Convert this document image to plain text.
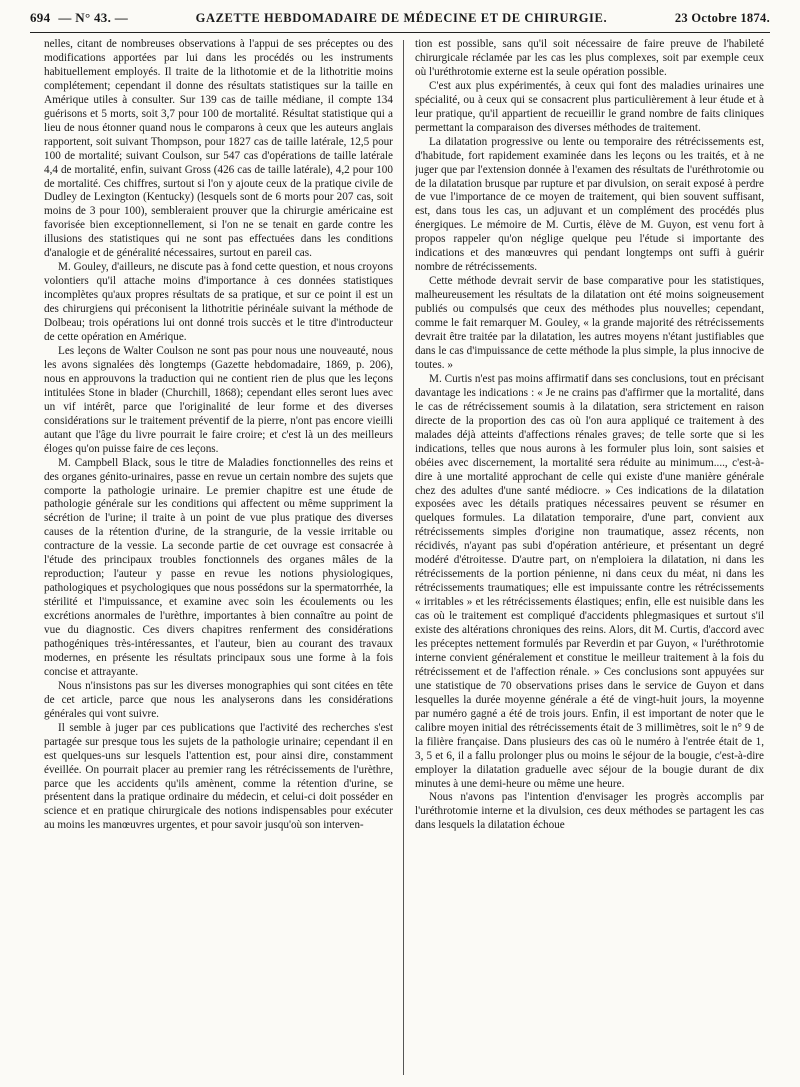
694 — N° 43. —	GAZETTE HEBDOMADAIRE DE MÉDECINE ET DE CHIRURGIE.	23 Octobre 1874.

nelles, citant de nombreuses observations à l'appui de ses préceptes ou des modifications apportées par lui dans les procédés ou les instruments habituellement employés. Il traite de la lithotomie et de la lithotritie moins complétement; cependant il donne des résultats statistiques sur la taille en Amérique utiles à consulter. Sur 139 cas de taille médiane, il compte 134 guérisons et 5 morts, soit 3,7 pour 100 de mortalité. Résultat statistique qui a lieu de nous étonner quand nous le comparons à ceux que les auteurs anglais rapportent, soit suivant Thompson, pour 1827 cas de taille latérale, 12,5 pour 100 de mortalité; suivant Coulson, sur 547 cas d'opérations de taille latérale 4,4 de mortalité, enfin, suivant Gross (426 cas de taille latérale), 4,2 pour 100 de mortalité. Ces chiffres, surtout si l'on y ajoute ceux de la pratique civile de Dudley de Lexington (Kentucky) (lesquels sont de 6 morts pour 207 cas, soit moins de 3 pour 100), sembleraient prouver que la chirurgie américaine est favorisée bien exceptionnellement, si l'on ne se tenait en garde contre les illusions des statistiques qui ne sont pas effectuées dans les conditions d'analogie et de généralité nécessaires, surtout en pareil cas.

M. Gouley, d'ailleurs, ne discute pas à fond cette question, et nous croyons volontiers qu'il attache moins d'importance à ces données statistiques incomplètes qu'aux propres résultats de sa pratique, et sur ce point il est un des chirurgiens qui préconisent la lithotritie périnéale suivant la méthode de Dolbeau; trois opérations lui ont donné trois succès et le titre d'introducteur de cette opération en Amérique.

Les leçons de Walter Coulson ne sont pas pour nous une nouveauté, nous les avons signalées dès longtemps (Gazette hebdomadaire, 1869, p. 206), nous en approuvons la traduction qui ne contient rien de plus que les leçons intitulées Stone in blader (Churchill, 1868); cependant elles seront lues avec un vif intérêt, parce que l'originalité de leur forme et des diverses considérations sur le traitement préventif de la pierre, n'ont pas encore vieilli autant que l'âge du livre pourrait le faire croire; et c'est là un des meilleurs éloges qu'on puisse faire de ces leçons.

M. Campbell Black, sous le titre de Maladies fonctionnelles des reins et des organes génito-urinaires, passe en revue un certain nombre des sujets que comporte la pathologie urinaire. Le premier chapitre est une étude de pathologie générale sur les conditions qui affectent ou même suppriment la sécrétion de l'urine; il traite à un point de vue plus pratique des diverses causes de la rétention d'urine, de la strangurie, de la vessie irritable ou contracture de la vessie. La seconde partie de cet ouvrage est consacrée à l'étude des principaux troubles fonctionnels des organes mâles de la reproduction; l'auteur y passe en revue les notions physiologiques, pathologiques et psychologiques que nous possédons sur la spermatorrhée, la stérilité et l'impuissance, et examine avec soin les écoulements ou les excrétions anormales de l'urèthre, importantes à bien connaître au point de vue du diagnostic. Ces divers chapitres renferment des considérations pathogéniques très-intéressantes, et l'auteur, bien au courant des travaux modernes, en présente les résultats principaux sous une forme à la fois concise et attrayante.

Nous n'insistons pas sur les diverses monographies qui sont citées en tête de cet article, parce que nous les analyserons dans les considérations générales qui vont suivre.

Il semble à juger par ces publications que l'activité des recherches s'est partagée sur presque tous les sujets de la pathologie urinaire; cependant il en est quelques-uns sur lesquels l'attention est, pour ainsi dire, constamment éveillée. On pourrait placer au premier rang les rétrécissements de l'urèthre, parce que les accidents qu'ils amènent, comme la rétention d'urine, se présentent dans la pratique ordinaire du médecin, et celui-ci doit posséder en science et en pratique chirurgicale des notions indispensables pour exécuter au moins les manœuvres urgentes, et pour savoir jusqu'où son interven-

tion est possible, sans qu'il soit nécessaire de faire preuve de l'habileté chirurgicale réclamée par les cas les plus complexes, soit par exemple ceux où l'uréthrotomie externe est la seule opération possible.

C'est aux plus expérimentés, à ceux qui font des maladies urinaires une spécialité, ou à ceux qui se consacrent plus particulièrement à leur étude et à leur pratique, qu'il appartient de recueillir le grand nombre de faits cliniques permettant la comparaison des diverses méthodes de traitement.

La dilatation progressive ou lente ou temporaire des rétrécissements est, d'habitude, fort rapidement examinée dans les leçons ou les traités, et à ne juger que par l'extension donnée à l'examen des résultats de l'uréthrotomie ou de la dilatation brusque par rupture et par divulsion, on serait exposé à perdre de vue l'importance de ce moyen de traitement, qui bien souvent suffisant, est, dans tous les cas, un adjuvant et un complément des procédés plus énergiques. Le mémoire de M. Curtis, élève de M. Guyon, est venu fort à propos rappeler qu'on néglige quelque peu l'étude si importante des indications et des manœuvres qui pendant longtemps ont suffi à guérir nombre de rétrécissements.

Cette méthode devrait servir de base comparative pour les statistiques, malheureusement les résultats de la dilatation ont été moins soigneusement publiés ou compulsés que ceux des méthodes plus nouvelles; cependant, comme le fait remarquer M. Gouley, « la grande majorité des rétrécissements devrait être traitée par la dilatation, les autres moyens n'étant justifiables que dans le cas d'impuissance de cette méthode la plus simple, la plus innocive de toutes. »

M. Curtis n'est pas moins affirmatif dans ses conclusions, tout en précisant davantage les indications : « Je ne crains pas d'affirmer que la mortalité, dans le cas de rétrécissement soumis à la dilatation, sera strictement en raison directe de la proportion des cas où l'on aura appliqué ce traitement à des malades déjà atteints d'affections rénales graves; de telle sorte que si les indications, telles que nous aurons à les formuler plus loin, sont saisies et obéies avec discernement, la mortalité sera réduite au minimum...., c'est-à-dire à une mortalité approchant de celle qui existe d'une manière générale chez des adultes d'une santé médiocre. » Ces indications de la dilatation exposées avec les détails pratiques nécessaires peuvent se résumer en quelques formules. La dilatation temporaire, d'une part, convient aux rétrécissements simples d'origine non traumatique, assez récents, non récidivés, n'ayant pas subi d'opération antérieure, et présentant un degré modéré d'étroitesse. D'autre part, on n'emploiera la dilatation, ni dans les rétrécissements de la portion pénienne, ni dans ceux du méat, ni dans les rétrécissements traumatiques; elle est impuissante contre les rétrécissements « irritables » et les rétrécissements élastiques; enfin, elle est nuisible dans les cas où le traitement est compliqué d'accidents phlegmasiques et surtout s'il existe des altérations chroniques des reins. Alors, dit M. Curtis, d'accord avec les préceptes nettement formulés par Reverdin et par Guyon, « l'uréthrotomie interne convient généralement et constitue le meilleur traitement à la fois du rétrécissement et de l'affection rénale. » Ces conclusions sont appuyées sur une statistique de 70 observations prises dans le service de Guyon et dans lesquelles la durée moyenne générale a été de vingt-huit jours, la moyenne par numéro gagné a été de trois jours. Enfin, il est important de noter que le calibre moyen initial des rétrécissements était de 3 millimètres, soit le n° 9 de la filière française. Dans plusieurs des cas où le numéro à l'entrée était de 1, 3, 5 et 6, il a fallu prolonger plus ou moins le séjour de la bougie, c'est-à-dire employer la dilatation graduelle avec séjour de la bougie durant de dix minutes à une demi-heure ou même une heure.

Nous n'avons pas l'intention d'envisager les progrès accomplis par l'uréthrotomie interne et la divulsion, ces deux méthodes se partagent les cas dans lesquels la dilatation échoue
